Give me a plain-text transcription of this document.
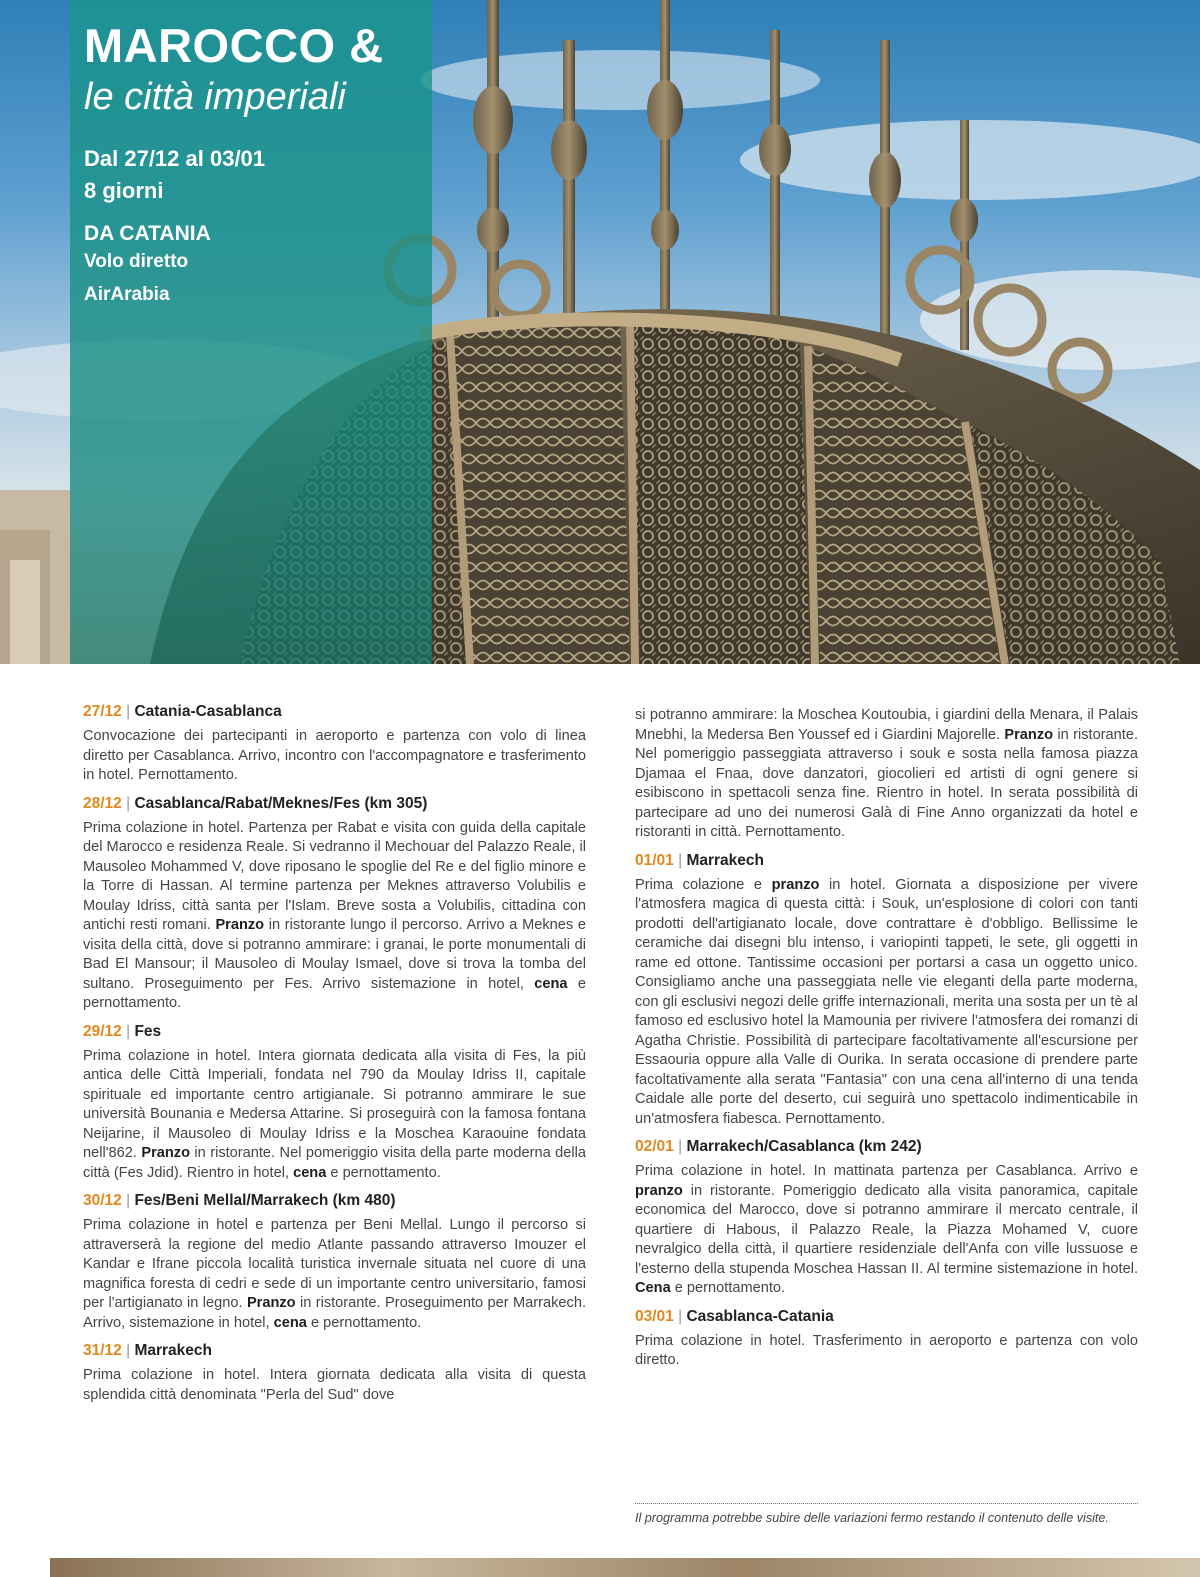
MAROCCO &
le città imperiali
Dal 27/12 al 03/01
8 giorni
DA CATANIA
Volo diretto
AirArabia
27/12 | Catania-Casablanca

Convocazione dei partecipanti in aeroporto e partenza con volo di linea diretto per Casablanca. Arrivo, incontro con l'accompagnatore e trasferimento in hotel. Pernottamento.

28/12 | Casablanca/Rabat/Meknes/Fes (km 305)

Prima colazione in hotel. Partenza per Rabat e visita con guida della capitale del Marocco e residenza Reale. Si vedranno il Mechouar del Palazzo Reale, il Mausoleo Mohammed V, dove riposano le spoglie del Re e del figlio minore e la Torre di Hassan. Al termine partenza per Meknes attraverso Volubilis e Moulay Idriss, città santa per l'Islam. Breve sosta a Volubilis, cittadina con antichi resti romani. Pranzo in ristorante lungo il percorso. Arrivo a Meknes e visita della città, dove si potranno ammirare: i granai, le porte monumentali di Bad El Mansour; il Mausoleo di Moulay Ismael, dove si trova la tomba del sultano. Proseguimento per Fes. Arrivo sistemazione in hotel, cena e pernottamento.

29/12 | Fes

Prima colazione in hotel. Intera giornata dedicata alla visita di Fes, la più antica delle Città Imperiali, fondata nel 790 da Moulay Idriss II, capitale spirituale ed importante centro artigianale. Si potranno ammirare le sue università Bounania e Medersa Attarine. Si proseguirà con la famosa fontana Neijarine, il Mausoleo di Moulay Idriss e la Moschea Karaouine fondata nell'862. Pranzo in ristorante. Nel pomeriggio visita della parte moderna della città (Fes Jdid). Rientro in hotel, cena e pernottamento.

30/12 | Fes/Beni Mellal/Marrakech (km 480)

Prima colazione in hotel e partenza per Beni Mellal. Lungo il percorso si attraverserà la regione del medio Atlante passando attraverso Imouzer el Kandar e Ifrane piccola località turistica invernale situata nel cuore di una magnifica foresta di cedri e sede di un importante centro universitario, famosi per l'artigianato in legno. Pranzo in ristorante. Proseguimento per Marrakech. Arrivo, sistemazione in hotel, cena e pernottamento.

31/12 | Marrakech

Prima colazione in hotel. Intera giornata dedicata alla visita di questa splendida città denominata "Perla del Sud" dove

si potranno ammirare: la Moschea Koutoubia, i giardini della Menara, il Palais Mnebhi, la Medersa Ben Youssef ed i Giardini Majorelle. Pranzo in ristorante. Nel pomeriggio passeggiata attraverso i souk e sosta nella famosa piazza Djamaa el Fnaa, dove danzatori, giocolieri ed artisti di ogni genere si esibiscono in spettacoli senza fine. Rientro in hotel. In serata possibilità di partecipare ad uno dei numerosi Galà di Fine Anno organizzati da hotel e ristoranti in città. Pernottamento.

01/01 | Marrakech

Prima colazione e pranzo in hotel. Giornata a disposizione per vivere l'atmosfera magica di questa città: i Souk, un'esplosione di colori con tanti prodotti dell'artigianato locale, dove contrattare è d'obbligo. Bellissime le ceramiche dai disegni blu intenso, i variopinti tappeti, le sete, gli oggetti in rame ed ottone. Tantissime occasioni per portarsi a casa un oggetto unico. Consigliamo anche una passeggiata nelle vie eleganti della parte moderna, con gli esclusivi negozi delle griffe internazionali, merita una sosta per un tè al famoso ed esclusivo hotel la Mamounia per rivivere l'atmosfera dei romanzi di Agatha Christie. Possibilità di partecipare facoltativamente all'escursione per Essaouria oppure alla Valle di Ourika. In serata occasione di prendere parte facoltativamente alla serata "Fantasia" con una cena all'interno di una tenda Caidale alle porte del deserto, cui seguirà uno spettacolo indimenticabile in un'atmosfera fiabesca. Pernottamento.

02/01 | Marrakech/Casablanca (km 242)

Prima colazione in hotel. In mattinata partenza per Casablanca. Arrivo e pranzo in ristorante. Pomeriggio dedicato alla visita panoramica, capitale economica del Marocco, dove si potranno ammirare il mercato centrale, il quartiere di Habous, il Palazzo Reale, la Piazza Mohamed V, cuore nevralgico della città, il quartiere residenziale dell'Anfa con ville lussuose e l'esterno della stupenda Moschea Hassan II. Al termine sistemazione in hotel. Cena e pernottamento.

03/01 | Casablanca-Catania

Prima colazione in hotel. Trasferimento in aeroporto e partenza con volo diretto.

Il programma potrebbe subire delle variazioni fermo restando il contenuto delle visite.
